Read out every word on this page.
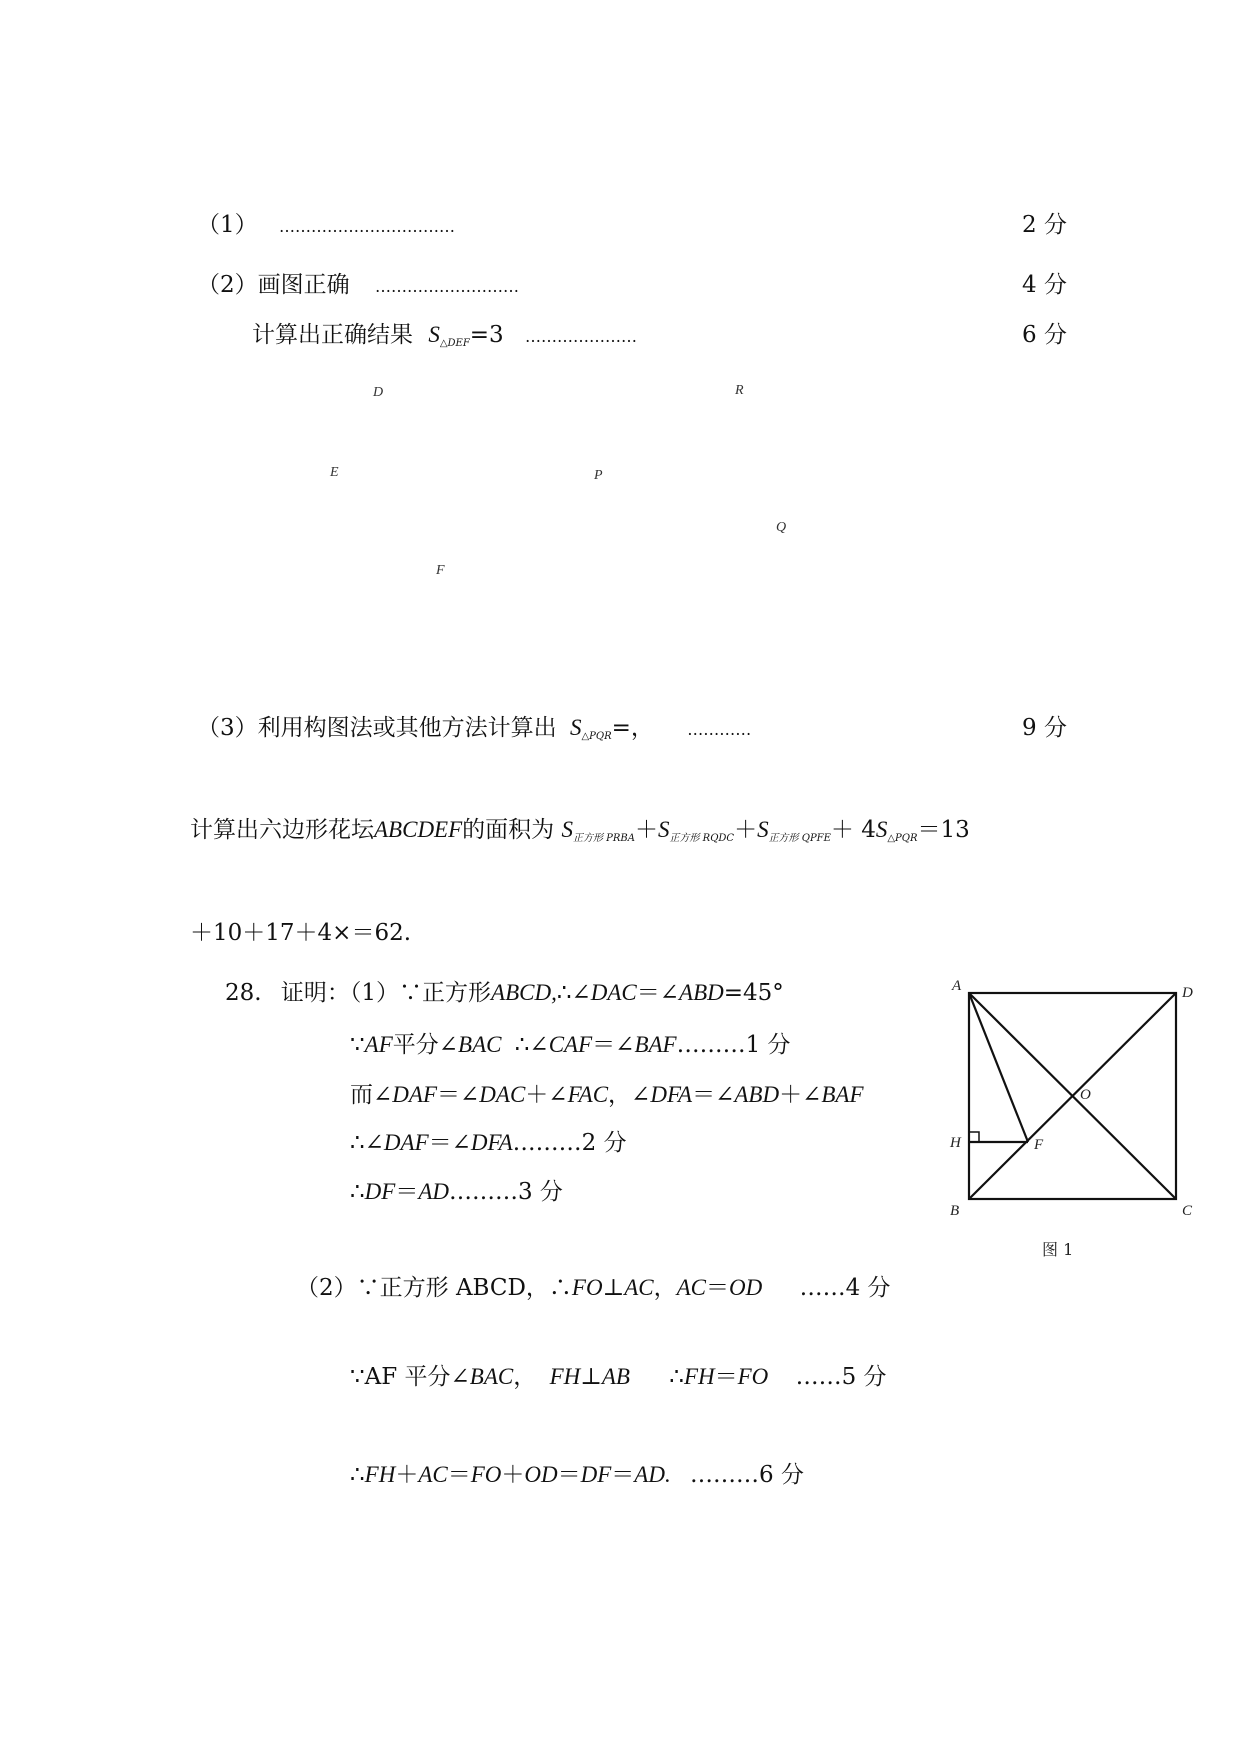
（1） ……………………………	2 分
（2）画图正确 ………………………	4 分
计算出正确结果 $S_{\triangle DEF}=3$ …………………	6 分
D	R
E	P
Q
F
（3）利用构图法或其他方法计算出 $S_{\triangle PQR}=$， …………	9 分
计算出六边形花坛ABCDEF的面积为 $S_{正方形 PRBA}+S_{正方形 RQDC}+S_{正方形 QPFE}+ 4S_{\triangle PQR}=13$
＋10＋17＋4×＝62.
28. 证明：（1）∵正方形ABCD,∴∠DAC＝∠ABD=45°
∵AF平分∠BAC ∴∠CAF＝∠BAF………1 分
而∠DAF＝∠DAC＋∠FAC，∠DFA＝∠ABD＋∠BAF
∴∠DAF＝∠DFA………2 分
∴DF＝AD………3 分
（2）∵正方形 ABCD，∴FO⊥AC，AC＝OD ……4 分
∵AF 平分∠BAC， FH⊥AB ∴FH＝FO ……5 分
∴FH＋AC＝FO＋OD＝DF＝AD. ………6 分
A	D
O
H	F
B	C
图 1
